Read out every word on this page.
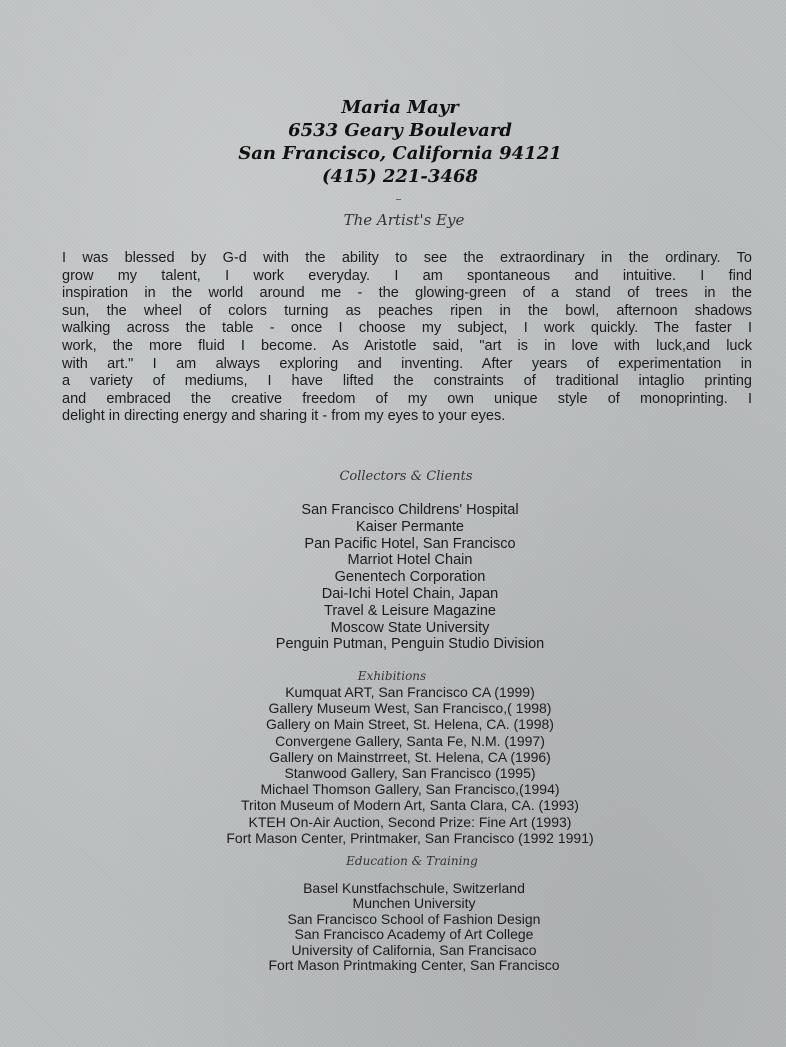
Maria Mayr
6533 Geary Boulevard
San Francisco, California 94121
(415) 221-3468
The Artist's Eye
I was blessed by G-d with the ability to see the extraordinary in the ordinary. To
grow my talent, I work everyday. I am spontaneous and intuitive. I find
inspiration in the world around me - the glowing-green of a stand of trees in the
sun, the wheel of colors turning as peaches ripen in the bowl, afternoon shadows
walking across the table - once I choose my subject, I work quickly. The faster I
work, the more fluid I become. As Aristotle said, "art is in love with luck,and luck
with art." I am always exploring and inventing. After years of experimentation in
a variety of mediums, I have lifted the constraints of traditional intaglio printing
and embraced the creative freedom of my own unique style of monoprinting. I
delight in directing energy and sharing it - from my eyes to your eyes.
Collectors & Clients
San Francisco Childrens' Hospital
Kaiser Permante
Pan Pacific Hotel, San Francisco
Marriot Hotel Chain
Genentech Corporation
Dai-Ichi Hotel Chain, Japan
Travel & Leisure Magazine
Moscow State University
Penguin Putman, Penguin Studio Division
Exhibitions
Kumquat ART, San Francisco CA (1999)
Gallery Museum West, San Francisco,( 1998)
Gallery on Main Street, St. Helena, CA. (1998)
Convergene Gallery, Santa Fe, N.M. (1997)
Gallery on Mainstrreet, St. Helena, CA (1996)
Stanwood Gallery, San Francisco (1995)
Michael Thomson Gallery, San Francisco,(1994)
Triton Museum of Modern Art, Santa Clara, CA. (1993)
KTEH On-Air Auction, Second Prize: Fine Art (1993)
Fort Mason Center, Printmaker, San Francisco (1992 1991)
Education & Training
Basel Kunstfachschule, Switzerland
Munchen University
San Francisco School of Fashion Design
San Francisco Academy of Art College
University of California, San Francisaco
Fort Mason Printmaking Center, San Francisco
